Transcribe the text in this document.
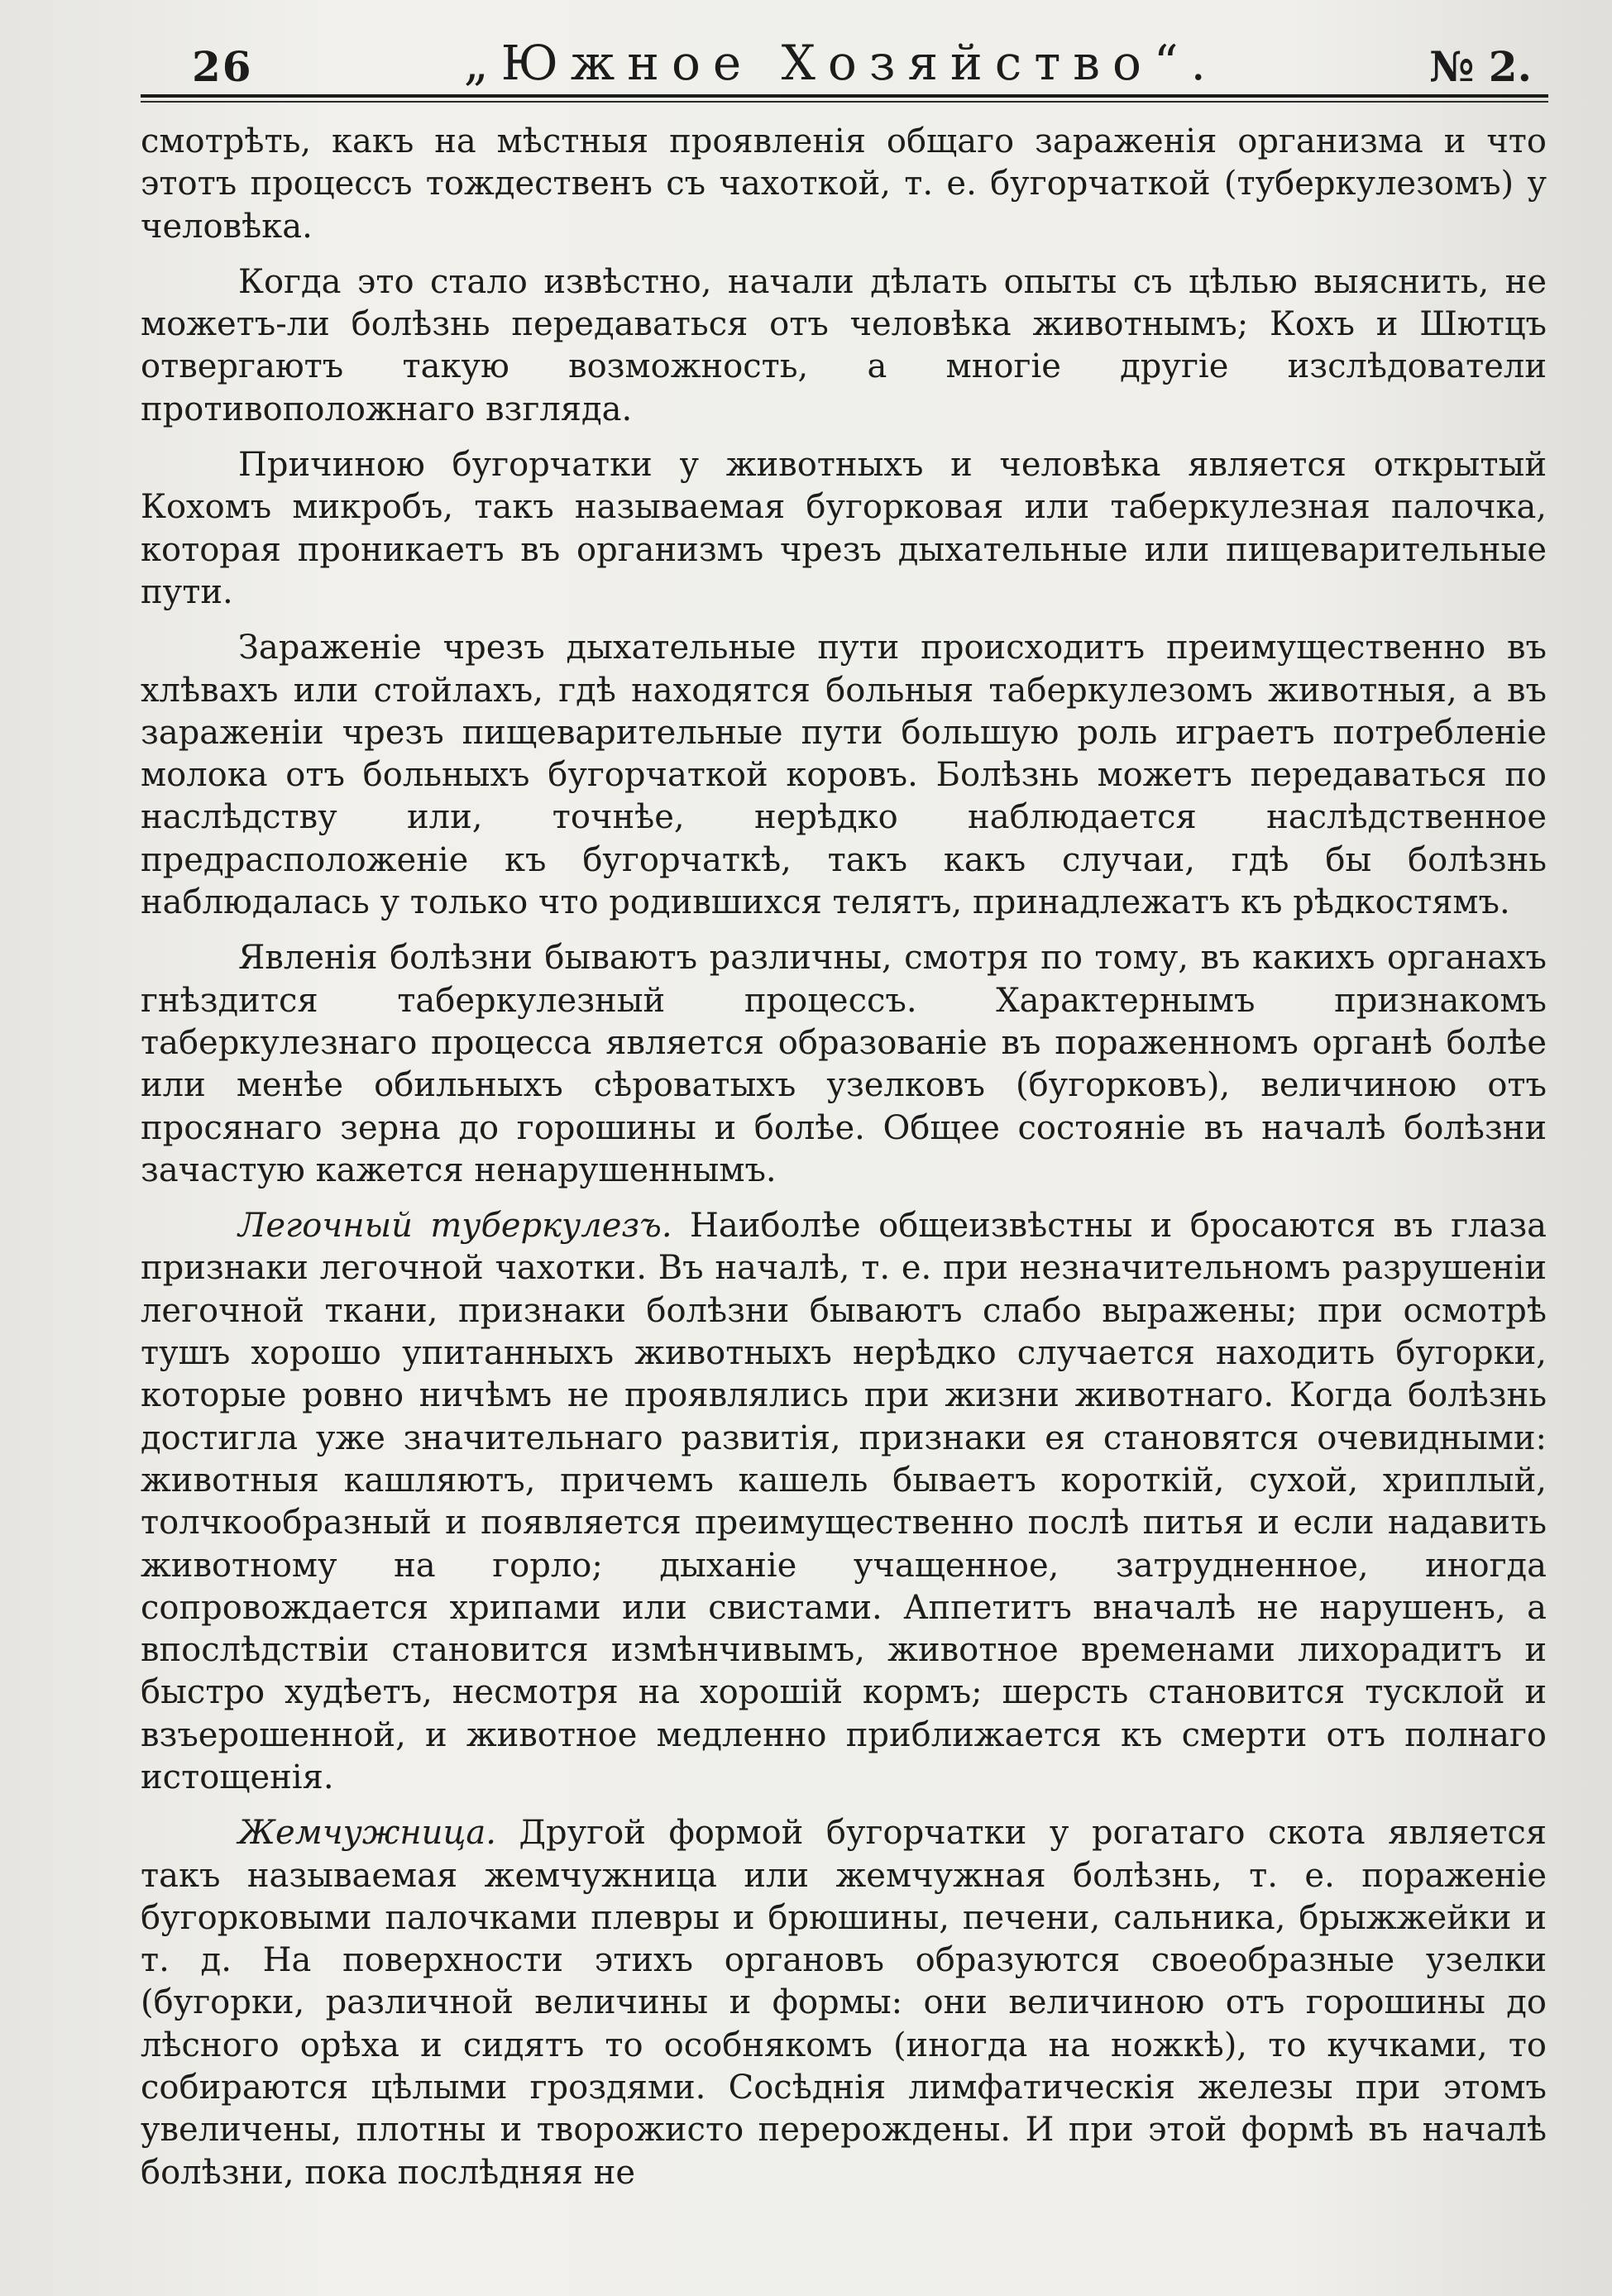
26	„Южное Хозяйство“.	№ 2.

смотрѣть, какъ на мѣстныя проявленія общаго зараженія организма и что этотъ процессъ тождественъ съ чахоткой, т. е. бугорчаткой (туберкулезомъ) у человѣка.

Когда это стало извѣстно, начали дѣлать опыты съ цѣлью выяснить, не можетъ-ли болѣзнь передаваться отъ человѣка животнымъ; Кохъ и Шютцъ отвергаютъ такую возможность, а многіе другіе изслѣдователи противоположнаго взгляда.

Причиною бугорчатки у животныхъ и человѣка является открытый Кохомъ микробъ, такъ называемая бугорковая или таберкулезная палочка, которая проникаетъ въ организмъ чрезъ дыхательные или пищеварительные пути.

Зараженіе чрезъ дыхательные пути происходитъ преимущественно въ хлѣвахъ или стойлахъ, гдѣ находятся больныя таберкулезомъ животныя, а въ зараженіи чрезъ пищеварительные пути большую роль играетъ потребленіе молока отъ больныхъ бугорчаткой коровъ. Болѣзнь можетъ передаваться по наслѣдству или, точнѣе, нерѣдко наблюдается наслѣдственное предрасположеніе къ бугорчаткѣ, такъ какъ случаи, гдѣ бы болѣзнь наблюдалась у только что родившихся телятъ, принадлежатъ къ рѣдкостямъ.

Явленія болѣзни бываютъ различны, смотря по тому, въ какихъ органахъ гнѣздится таберкулезный процессъ. Характернымъ признакомъ таберкулезнаго процесса является образованіе въ пораженномъ органѣ болѣе или менѣе обильныхъ сѣроватыхъ узелковъ (бугорковъ), величиною отъ просянаго зерна до горошины и болѣе. Общее состояніе въ началѣ болѣзни зачастую кажется ненарушеннымъ.

Легочный туберкулезъ. Наиболѣе общеизвѣстны и бросаются въ глаза признаки легочной чахотки. Въ началѣ, т. е. при незначительномъ разрушеніи легочной ткани, признаки болѣзни бываютъ слабо выражены; при осмотрѣ тушъ хорошо упитанныхъ животныхъ нерѣдко случается находить бугорки, которые ровно ничѣмъ не проявлялись при жизни животнаго. Когда болѣзнь достигла уже значительнаго развитія, признаки ея становятся очевидными: животныя кашляютъ, причемъ кашель бываетъ короткій, сухой, хриплый, толчкообразный и появляется преимущественно послѣ питья и если надавить животному на горло; дыханіе учащенное, затрудненное, иногда сопровождается хрипами или свистами. Аппетитъ вначалѣ не нарушенъ, а впослѣдствіи становится измѣнчивымъ, животное временами лихорадитъ и быстро худѣетъ, несмотря на хорошій кормъ; шерсть становится тусклой и взъерошенной, и животное медленно приближается къ смерти отъ полнаго истощенія.

Жемчужница. Другой формой бугорчатки у рогатаго скота является такъ называемая жемчужница или жемчужная болѣзнь, т. е. пораженіе бугорковыми палочками плевры и брюшины, печени, сальника, брыжжейки и т. д. На поверхности этихъ органовъ образуются своеобразные узелки (бугорки, различной величины и формы: они величиною отъ горошины до лѣсного орѣха и сидятъ то особнякомъ (иногда на ножкѣ), то кучками, то собираются цѣлыми гроздями. Сосѣднія лимфатическія железы при этомъ увеличены, плотны и творожисто перерождены. И при этой формѣ въ началѣ болѣзни, пока послѣдняя не
